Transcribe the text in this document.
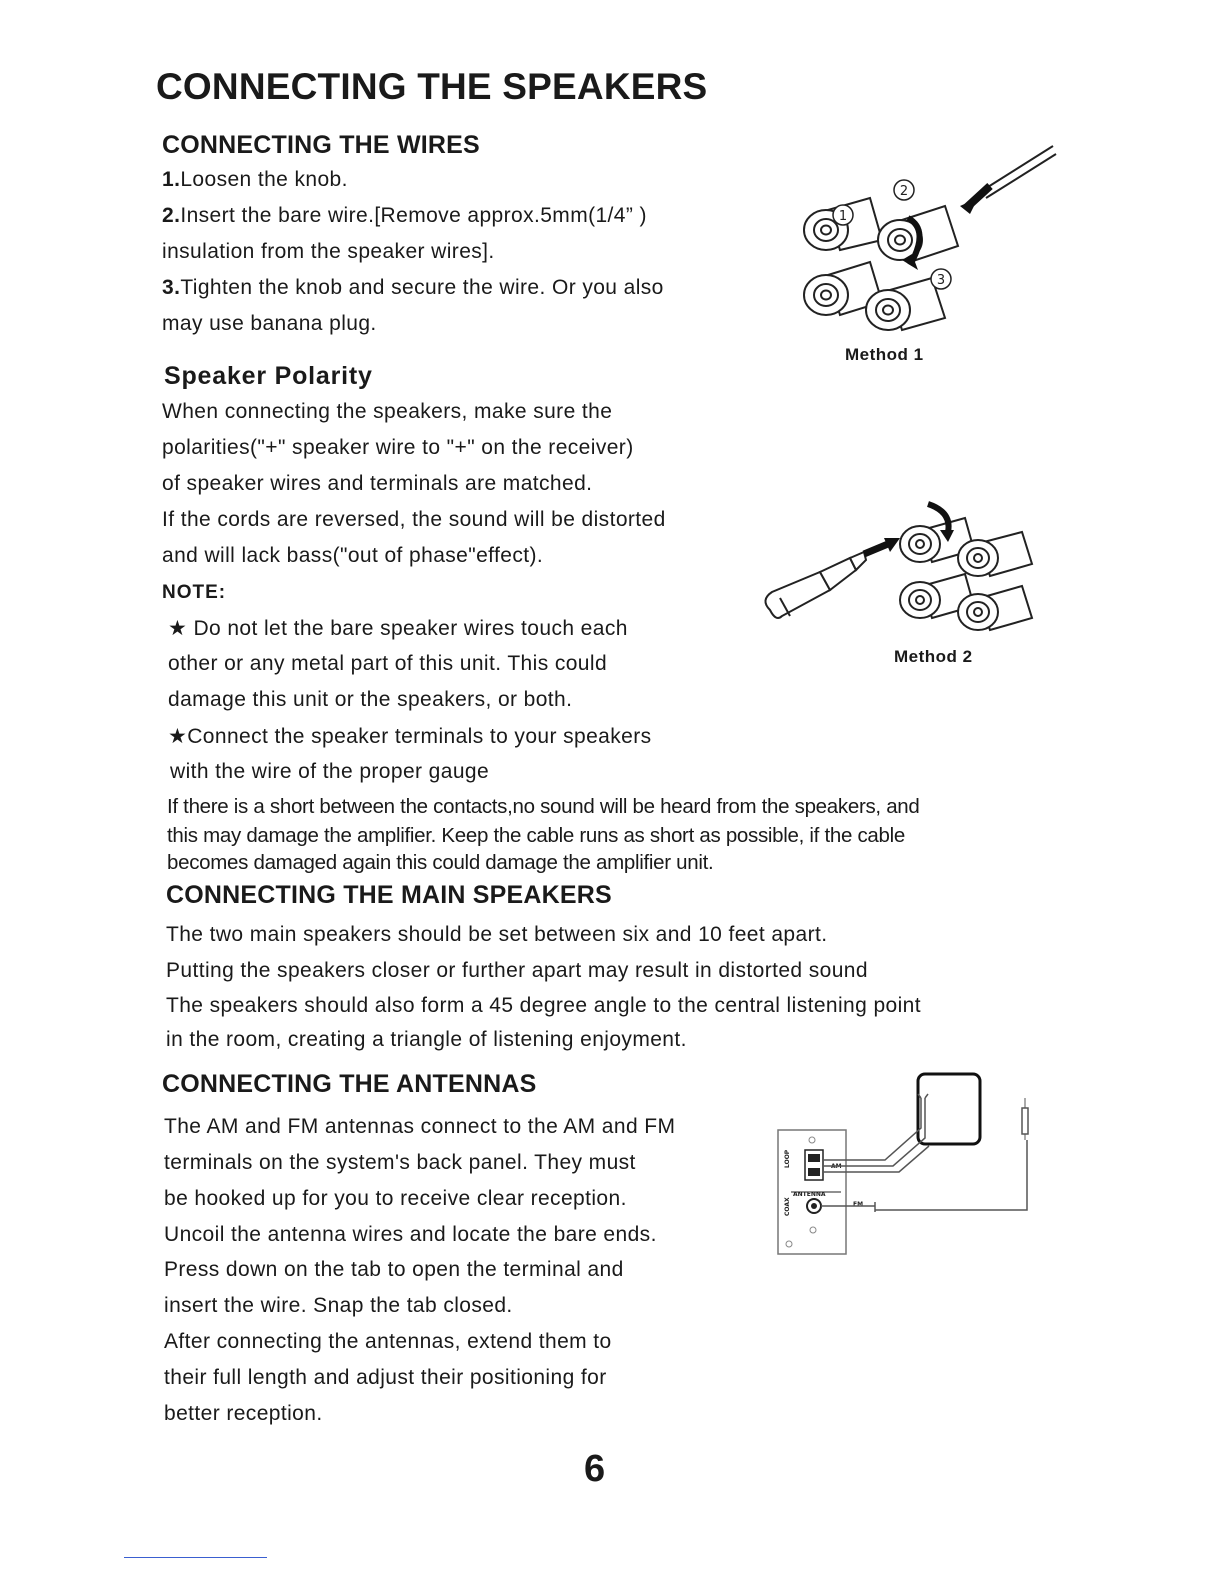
CONNECTING THE SPEAKERS
CONNECTING THE WIRES
1.Loosen the knob.
2.Insert the bare wire.[Remove approx.5mm(1/4” )
insulation from the speaker wires].
3.Tighten the knob and secure the wire. Or you also
may use banana plug.
1
2
3
Method 1
Speaker Polarity
When connecting the speakers, make sure the
polarities("+" speaker wire to "+" on the receiver)
of speaker wires and terminals are matched.
If the cords are reversed, the sound will be distorted
and will lack bass("out of phase"effect).
NOTE:
★ Do not let the bare speaker wires touch each
other or any metal part of this unit. This could
damage this unit or the speakers, or both.
★Connect the speaker terminals to your speakers
with the wire of the proper gauge
Method 2
If there is a short between the contacts,no sound will be heard from the speakers, and
this may damage the amplifier. Keep the cable runs as short as possible, if the cable
becomes damaged again this could damage the amplifier unit.
CONNECTING THE MAIN SPEAKERS
The two main speakers should be set between six and 10 feet apart.
Putting the speakers closer or further apart may result in distorted sound
The speakers should also form a 45 degree angle to the central listening point
in the room, creating a triangle of listening enjoyment.
CONNECTING THE ANTENNAS
The AM and FM antennas connect to the AM and FM
terminals on the system's back panel. They must
be hooked up for you to receive clear reception.
Uncoil the antenna wires and locate the bare ends.
Press down on the tab to open the terminal and
insert the wire. Snap the tab closed.
After connecting the antennas, extend them to
their full length and adjust their positioning for
better reception.
LOOP	AM
ANTENNA
COAX	FM
6
